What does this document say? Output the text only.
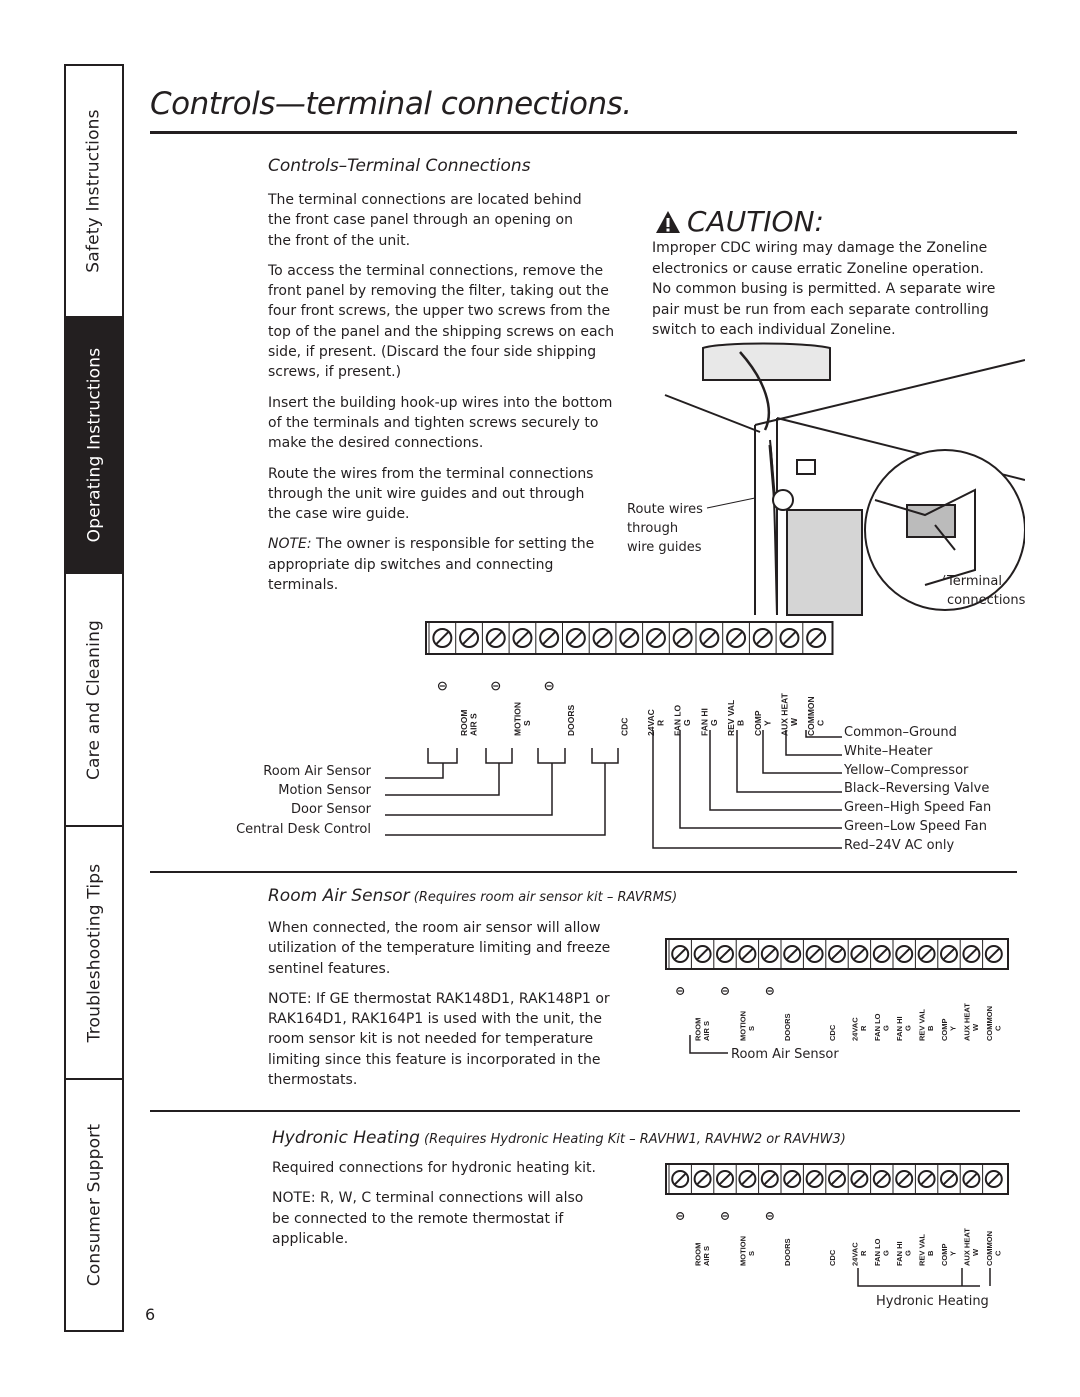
Safety Instructions
Operating Instructions
Care and Cleaning
Troubleshooting Tips
Consumer Support
Controls—terminal connections.
Controls–Terminal Connections

The terminal connections are located behind the front case panel through an opening on the front of the unit.

To access the terminal connections, remove the front panel by removing the filter, taking out the four front screws, the upper two screws from the top of the panel and the shipping screws on each side, if present. (Discard the four side shipping screws, if present.)

Insert the building hook-up wires into the bottom of the terminals and tighten screws securely to make the desired connections.

Route the wires from the terminal connections through the unit wire guides and out through the case wire guide.

NOTE: The owner is responsible for setting the appropriate dip switches and connecting terminals.

CAUTION:
Improper CDC wiring may damage the Zoneline electronics or cause erratic Zoneline operation. No common busing is permitted. A separate wire pair must be run from each separate controlling switch to each individual Zoneline.
Route wires
through
wire guides
Terminal
connections
ROOM AIR S	MOTION S	DOORS	CDC 24VAC R FAN LO G FAN HI G REV VAL B COMP Y AUX HEAT W COMMON C
Room Air Sensor
Motion Sensor
Door Sensor
Central Desk Control
Common–Ground
White–Heater
Yellow–Compressor
Black–Reversing Valve
Green–High Speed Fan
Green–Low Speed Fan
Red–24V AC only
Room Air Sensor (Requires room air sensor kit – RAVRMS)

When connected, the room air sensor will allow utilization of the temperature limiting and freeze sentinel features.

NOTE: If GE thermostat RAK148D1, RAK148P1 or RAK164D1, RAK164P1 is used with the unit, the room sensor kit is not needed for temperature limiting since this feature is incorporated in the thermostats.

ROOM AIR S	MOTION S	DOORS	CDC 24VAC R FAN LO G FAN HI G REV VAL B COMP Y AUX HEAT W COMMON C
Room Air Sensor
Hydronic Heating (Requires Hydronic Heating Kit – RAVHW1, RAVHW2 or RAVHW3)

Required connections for hydronic heating kit.

NOTE: R, W, C terminal connections will also be connected to the remote thermostat if applicable.

ROOM AIR S	MOTION S	DOORS	CDC 24VAC R FAN LO G FAN HI G REV VAL B COMP Y AUX HEAT W COMMON C
Hydronic Heating
6
